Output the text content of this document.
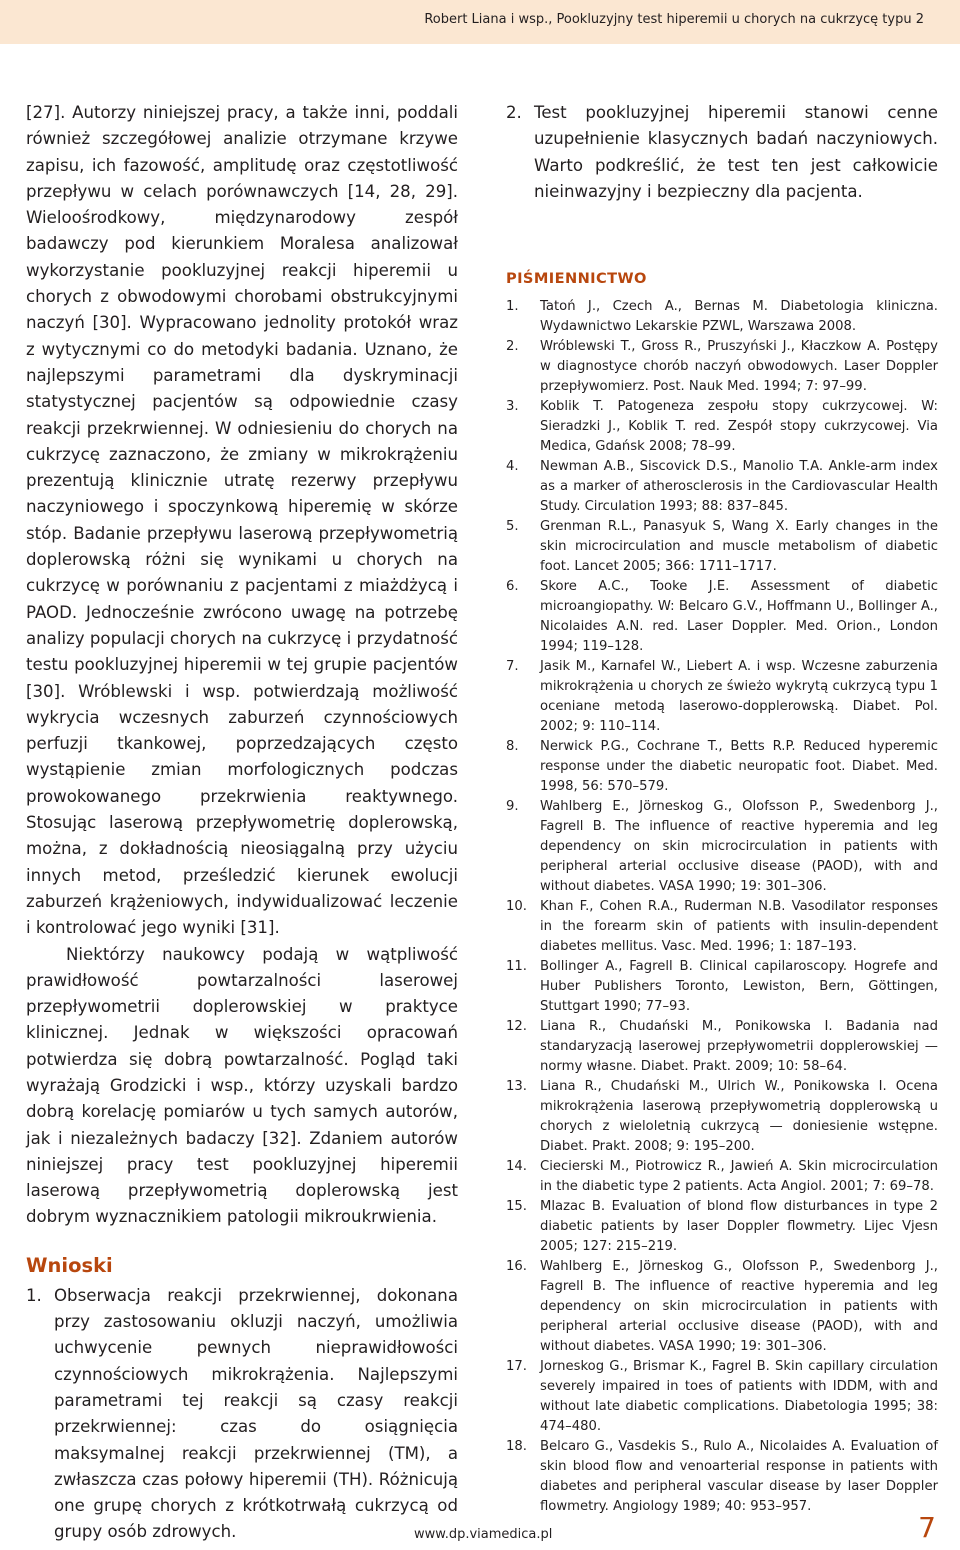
Robert Liana i wsp., Pookluzyjny test hiperemii u chorych na cukrzycę typu 2

[27]. Autorzy niniejszej pracy, a także inni, poddali również szczegółowej analizie otrzymane krzywe zapisu, ich fazowość, amplitudę oraz częstotliwość przepływu w celach porównawczych [14, 28, 29]. Wieloośrodkowy, międzynarodowy zespół badawczy pod kierunkiem Moralesa analizował wykorzystanie pookluzyjnej reakcji hiperemii u chorych z obwodowymi chorobami obstrukcyjnymi naczyń [30]. Wypracowano jednolity protokół wraz z wytycznymi co do metodyki badania. Uznano, że najlepszymi parametrami dla dyskryminacji statystycznej pacjentów są odpowiednie czasy reakcji przekrwiennej. W odniesieniu do chorych na cukrzycę zaznaczono, że zmiany w mikrokrążeniu prezentują klinicznie utratę rezerwy przepływu naczyniowego i spoczynkową hiperemię w skórze stóp. Badanie przepływu laserową przepływometrią doplerowską różni się wynikami u chorych na cukrzycę w porównaniu z pacjentami z miażdżycą i PAOD. Jednocześnie zwrócono uwagę na potrzebę analizy populacji chorych na cukrzycę i przydatność testu pookluzyjnej hiperemii w tej grupie pacjentów [30]. Wróblewski i wsp. potwierdzają możliwość wykrycia wczesnych zaburzeń czynnościowych perfuzji tkankowej, poprzedzających często wystąpienie zmian morfologicznych podczas prowokowanego przekrwienia reaktywnego. Stosując laserową przepływometrię doplerowską, można, z dokładnością nieosiągalną przy użyciu innych metod, prześledzić kierunek ewolucji zaburzeń krążeniowych, indywidualizować leczenie i kontrolować jego wyniki [31].

Niektórzy naukowcy podają w wątpliwość prawidłowość powtarzalności laserowej przepływometrii doplerowskiej w praktyce klinicznej. Jednak w większości opracowań potwierdza się dobrą powtarzalność. Pogląd taki wyrażają Grodzicki i wsp., którzy uzyskali bardzo dobrą korelację pomiarów u tych samych autorów, jak i niezależnych badaczy [32]. Zdaniem autorów niniejszej pracy test pookluzyjnej hiperemii laserową przepływometrią doplerowską jest dobrym wyznacznikiem patologii mikroukrwienia.

Wnioski
1. Obserwacja reakcji przekrwiennej, dokonana przy zastosowaniu okluzji naczyń, umożliwia uchwycenie pewnych nieprawidłowości czynnościowych mikrokrążenia. Najlepszymi parametrami tej reakcji są czasy reakcji przekrwiennej: czas do osiągnięcia maksymalnej reakcji przekrwiennej (TM), a zwłaszcza czas połowy hiperemii (TH). Różnicują one grupę chorych z krótkotrwałą cukrzycą od grupy osób zdrowych.
2. Test pookluzyjnej hiperemii stanowi cenne uzupełnienie klasycznych badań naczyniowych. Warto podkreślić, że test ten jest całkowicie nieinwazyjny i bezpieczny dla pacjenta.
PIŚMIENNICTWO
1.	Tatoń J., Czech A., Bernas M. Diabetologia kliniczna. Wydawnictwo Lekarskie PZWL, Warszawa 2008.
2.	Wróblewski T., Gross R., Pruszyński J., Kłaczkow A. Postępy w diagnostyce chorób naczyń obwodowych. Laser Doppler przepływomierz. Post. Nauk Med. 1994; 7: 97–99.
3.	Koblik T. Patogeneza zespołu stopy cukrzycowej. W: Sieradzki J., Koblik T. red. Zespół stopy cukrzycowej. Via Medica, Gdańsk 2008; 78–99.
4.	Newman A.B., Siscovick D.S., Manolio T.A. Ankle-arm index as a marker of atherosclerosis in the Cardiovascular Health Study. Circulation 1993; 88: 837–845.
5.	Grenman R.L., Panasyuk S, Wang X. Early changes in the skin microcirculation and muscle metabolism of diabetic foot. Lancet 2005; 366: 1711–1717.
6.	Skore A.C., Tooke J.E. Assessment of diabetic microangiopathy. W: Belcaro G.V., Hoffmann U., Bollinger A., Nicolaides A.N. red. Laser Doppler. Med. Orion., London 1994; 119–128.
7.	Jasik M., Karnafel W., Liebert A. i wsp. Wczesne zaburzenia mikrokrążenia u chorych ze świeżo wykrytą cukrzycą typu 1 oceniane metodą laserowo-dopplerowską. Diabet. Pol. 2002; 9: 110–114.
8.	Nerwick P.G., Cochrane T., Betts R.P. Reduced hyperemic response under the diabetic neuropatic foot. Diabet. Med. 1998, 56: 570–579.
9.	Wahlberg E., Jörneskog G., Olofsson P., Swedenborg J., Fagrell B. The influence of reactive hyperemia and leg dependency on skin microcirculation in patients with peripheral arterial occlusive disease (PAOD), with and without diabetes. VASA 1990; 19: 301–306.
10. Khan F., Cohen R.A., Ruderman N.B. Vasodilator responses in the forearm skin of patients with insulin-dependent diabetes mellitus. Vasc. Med. 1996; 1: 187–193.
11. Bollinger A., Fagrell B. Clinical capilaroscopy. Hogrefe and Huber Publishers Toronto, Lewiston, Bern, Göttingen, Stuttgart 1990; 77–93.
12. Liana R., Chudański M., Ponikowska I. Badania nad standaryzacją laserowej przepływometrii dopplerowskiej — normy własne. Diabet. Prakt. 2009; 10: 58–64.
13. Liana R., Chudański M., Ulrich W., Ponikowska I. Ocena mikrokrążenia laserową przepływometrią dopplerowską u chorych z wieloletnią cukrzycą — doniesienie wstępne. Diabet. Prakt. 2008; 9: 195–200.
14. Ciecierski M., Piotrowicz R., Jawień A. Skin microcirculation in the diabetic type 2 patients. Acta Angiol. 2001; 7: 69–78.
15. Mlazac B. Evaluation of blond flow disturbances in type 2 diabetic patients by laser Doppler flowmetry. Lijec Vjesn 2005; 127: 215–219.
16. Wahlberg E., Jörneskog G., Olofsson P., Swedenborg J., Fagrell B. The influence of reactive hyperemia and leg dependency on skin microcirculation in patients with peripheral arterial occlusive disease (PAOD), with and without diabetes. VASA 1990; 19: 301–306.
17. Jorneskog G., Brismar K., Fagrel B. Skin capillary circulation severely impaired in toes of patients with IDDM, with and without late diabetic complications. Diabetologia 1995; 38: 474–480.
18. Belcaro G., Vasdekis S., Rulo A., Nicolaides A. Evaluation of skin blood flow and venoarterial response in patients with diabetes and peripheral vascular disease by laser Doppler flowmetry. Angiology 1989; 40: 953–957.
www.dp.viamedica.pl	7
